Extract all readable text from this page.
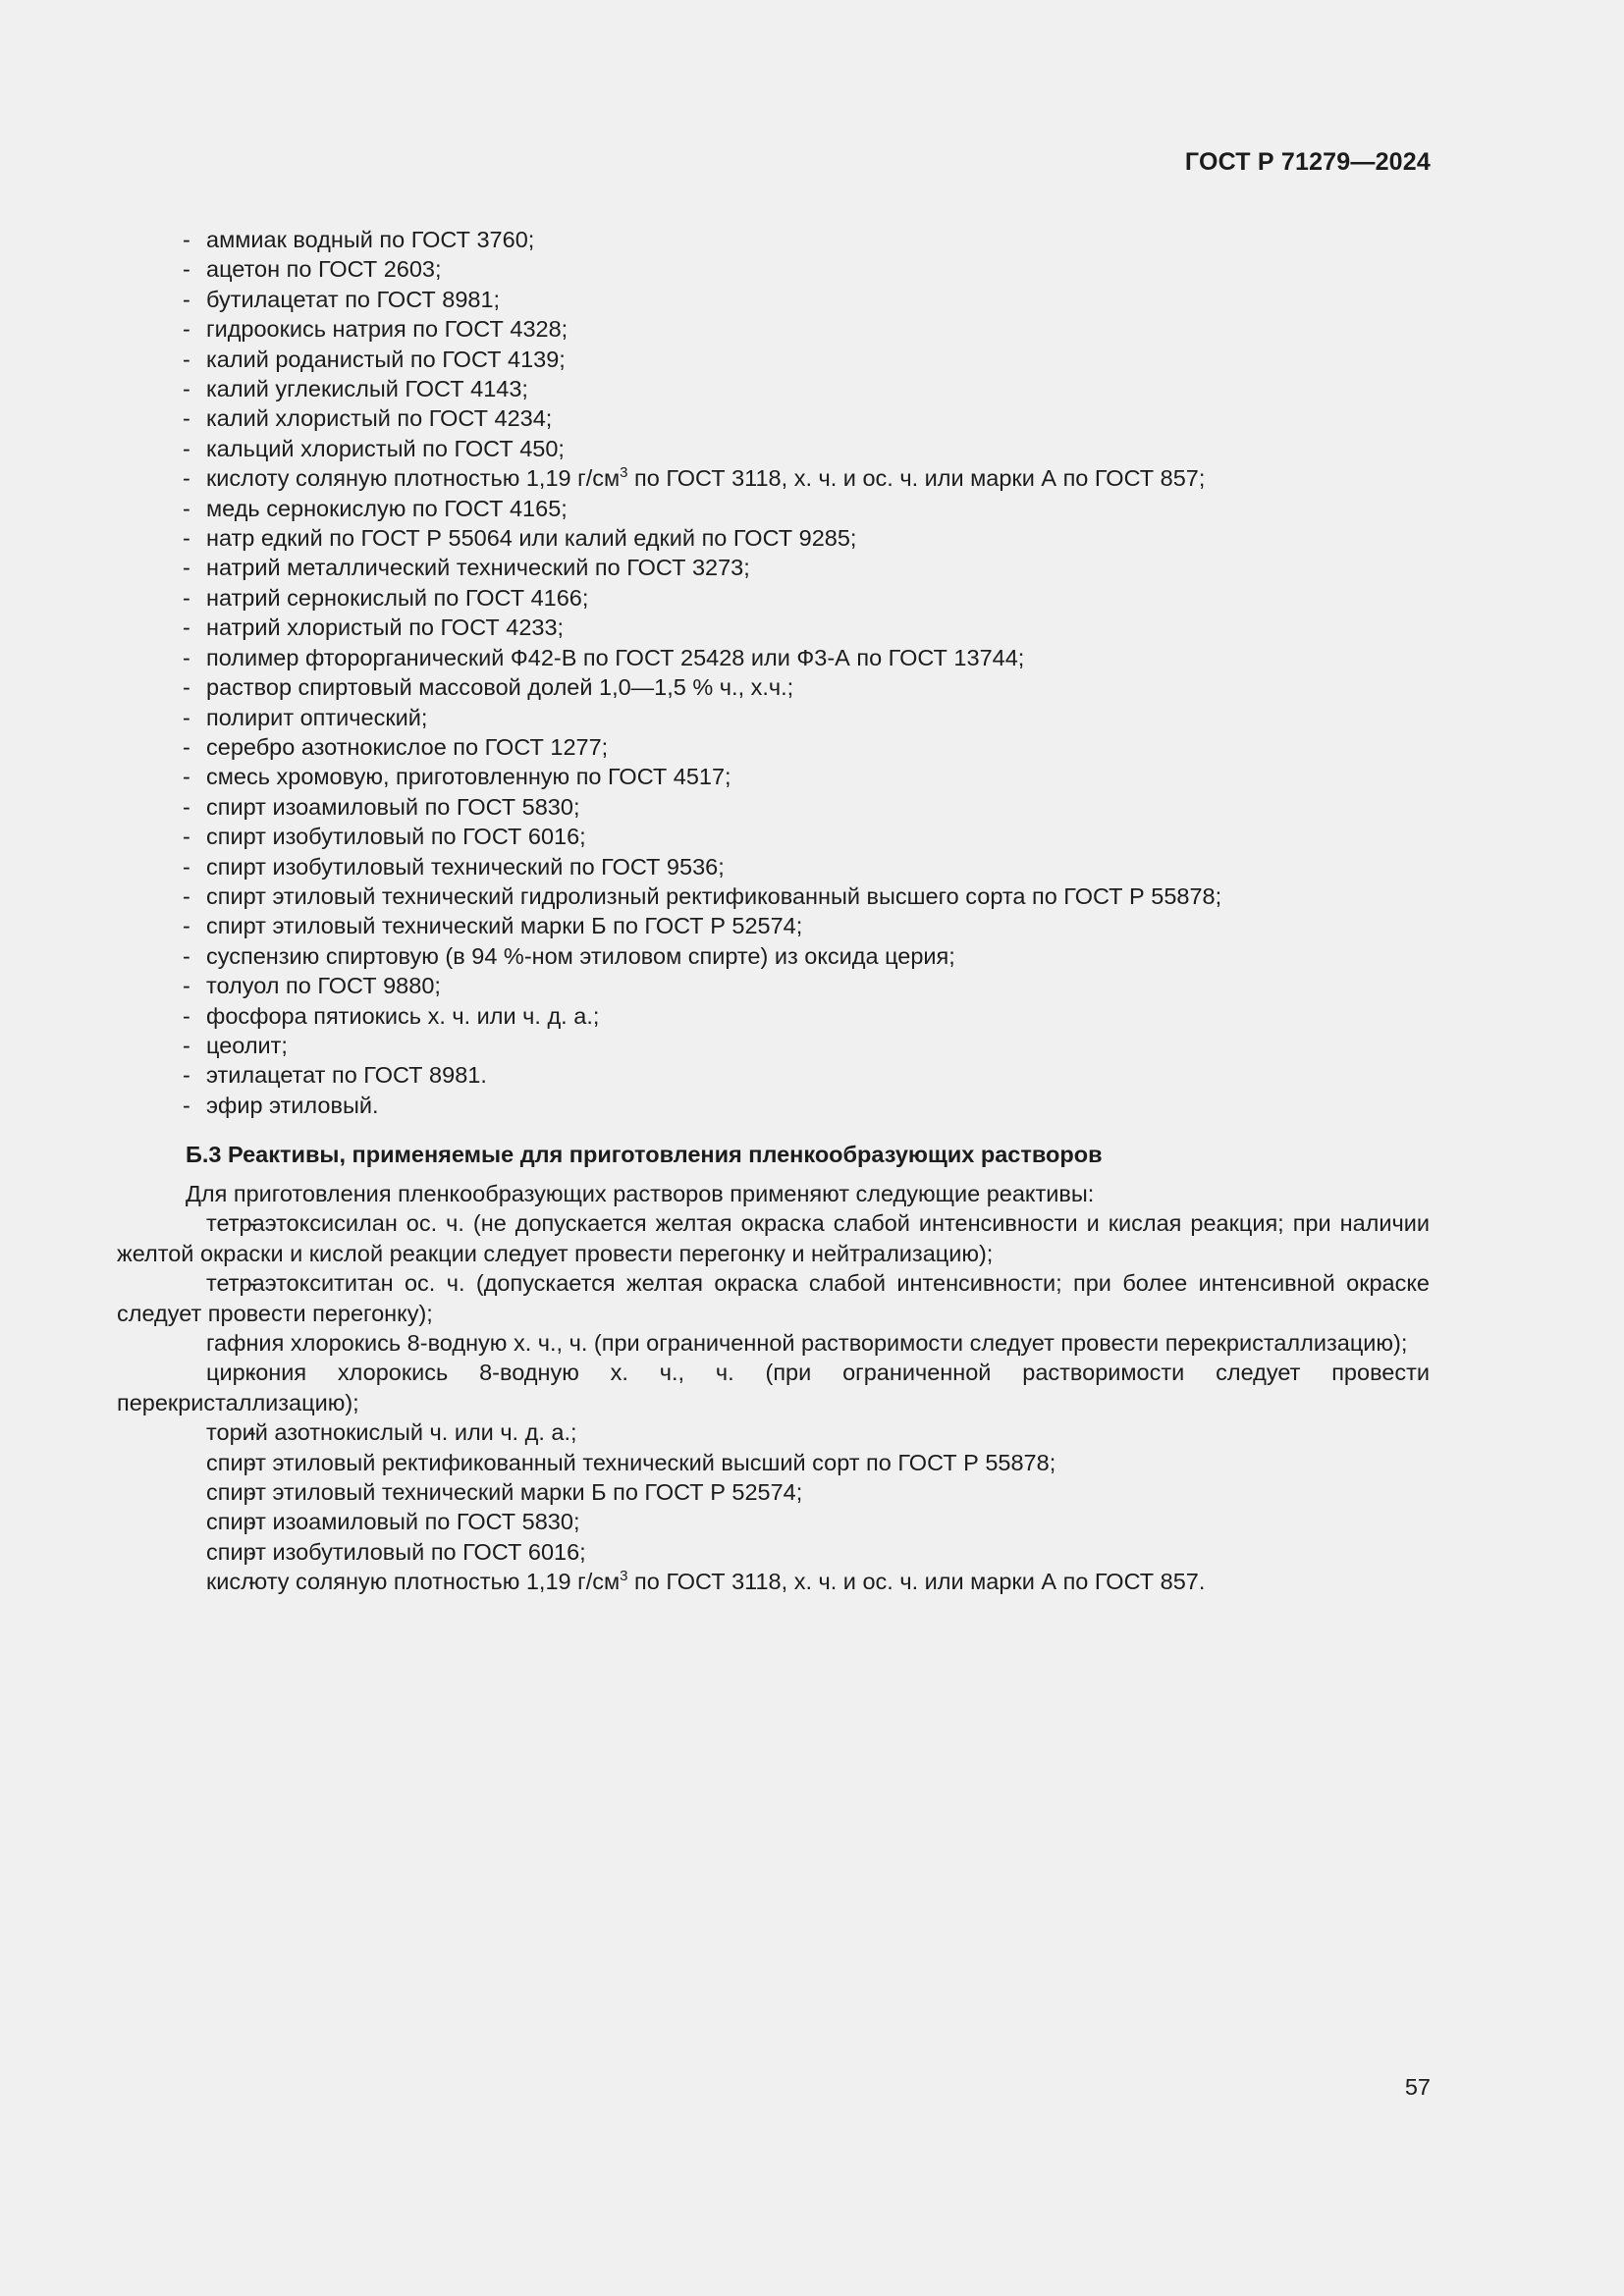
ГОСТ Р 71279—2024
- аммиак водный по ГОСТ 3760;
- ацетон по ГОСТ 2603;
- бутилацетат по ГОСТ 8981;
- гидроокись натрия по ГОСТ 4328;
- калий роданистый по ГОСТ 4139;
- калий углекислый ГОСТ 4143;
- калий хлористый по ГОСТ 4234;
- кальций хлористый по ГОСТ 450;
- кислоту соляную плотностью 1,19 $г/см^3$ по ГОСТ 3118, х. ч. и ос. ч. или марки А по ГОСТ 857;
- медь сернокислую по ГОСТ 4165;
- натр едкий по ГОСТ Р 55064 или калий едкий по ГОСТ 9285;
- натрий металлический технический по ГОСТ 3273;
- натрий сернокислый по ГОСТ 4166;
- натрий хлористый по ГОСТ 4233;
- полимер фторорганический Ф42-В по ГОСТ 25428 или Ф3-А по ГОСТ 13744;
- раствор спиртовый массовой долей 1,0—1,5 % ч., х.ч.;
- полирит оптический;
- серебро азотнокислое по ГОСТ 1277;
- смесь хромовую, приготовленную по ГОСТ 4517;
- спирт изоамиловый по ГОСТ 5830;
- спирт изобутиловый по ГОСТ 6016;
- спирт изобутиловый технический по ГОСТ 9536;
- спирт этиловый технический гидролизный ректификованный высшего сорта по ГОСТ Р 55878;
- спирт этиловый технический марки Б по ГОСТ Р 52574;
- суспензию спиртовую (в 94 %-ном этиловом спирте) из оксида церия;
- толуол по ГОСТ 9880;
- фосфора пятиокись х. ч. или ч. д. а.;
- цеолит;
- этилацетат по ГОСТ 8981.
- эфир этиловый.
Б.3 Реактивы, применяемые для приготовления пленкообразующих растворов

Для приготовления пленкообразующих растворов применяют следующие реактивы:

- тетраэтоксисилан ос. ч. (не допускается желтая окраска слабой интенсивности и кислая реакция; при наличии желтой окраски и кислой реакции следует провести перегонку и нейтрализацию);
- тетраэтоксититан ос. ч. (допускается желтая окраска слабой интенсивности; при более интенсивной окраске следует провести перегонку);
- гафния хлорокись 8-водную х. ч., ч. (при ограниченной растворимости следует провести перекристаллизацию);
- циркония хлорокись 8-водную х. ч., ч. (при ограниченной растворимости следует провести перекристаллизацию);
- торий азотнокислый ч. или ч. д. а.;
- спирт этиловый ректификованный технический высший сорт по ГОСТ Р 55878;
- спирт этиловый технический марки Б по ГОСТ Р 52574;
- спирт изоамиловый по ГОСТ 5830;
- спирт изобутиловый по ГОСТ 6016;
- кислоту соляную плотностью 1,19 $г/см^3$ по ГОСТ 3118, х. ч. и ос. ч. или марки А по ГОСТ 857.
57
